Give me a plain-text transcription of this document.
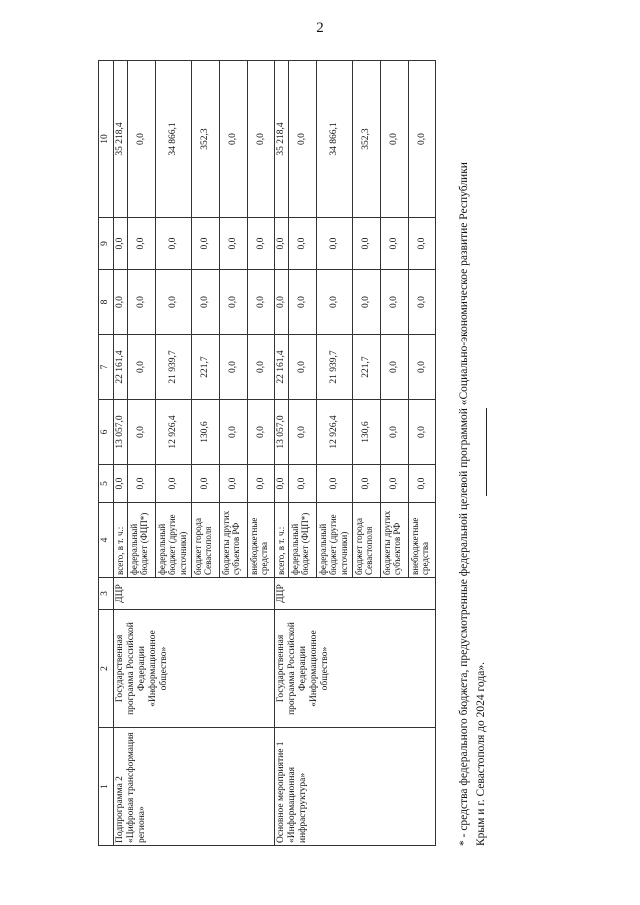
2
1	2	3	4	5	6	7	8	9	10
Подпрограмма 2 «Цифровая трансформация региона»	Государственная программа Российской Федерации «Информационное общество»	ДЦР	всего, в т. ч.:	0,0	13 057,0	22 161,4	0,0	0,0	35 218,4
			федеральный бюджет (ФЦП*)	0,0	0,0	0,0	0,0	0,0	0,0
			федеральный бюджет (другие источники)	0,0	12 926,4	21 939,7	0,0	0,0	34 866,1
			бюджет города Севастополя	0,0	130,6	221,7	0,0	0,0	352,3
			бюджеты других субъектов РФ	0,0	0,0	0,0	0,0	0,0	0,0
			внебюджетные средства	0,0	0,0	0,0	0,0	0,0	0,0
Основное мероприятие 1 «Информационная инфраструктура»	Государственная программа Российской Федерации «Информационное общество»	ДЦР	всего, в т. ч.:	0,0	13 057,0	22 161,4	0,0	0,0	35 218,4
			федеральный бюджет (ФЦП*)	0,0	0,0	0,0	0,0	0,0	0,0
			федеральный бюджет (другие источники)	0,0	12 926,4	21 939,7	0,0	0,0	34 866,1
			бюджет города Севастополя	0,0	130,6	221,7	0,0	0,0	352,3
			бюджеты других субъектов РФ	0,0	0,0	0,0	0,0	0,0	0,0
			внебюджетные средства	0,0	0,0	0,0	0,0	0,0	0,0
* - средства федерального бюджета, предусмотренные федеральной целевой программой «Социально-экономическое развитие Республики Крым и г. Севастополя до 2024 года».
